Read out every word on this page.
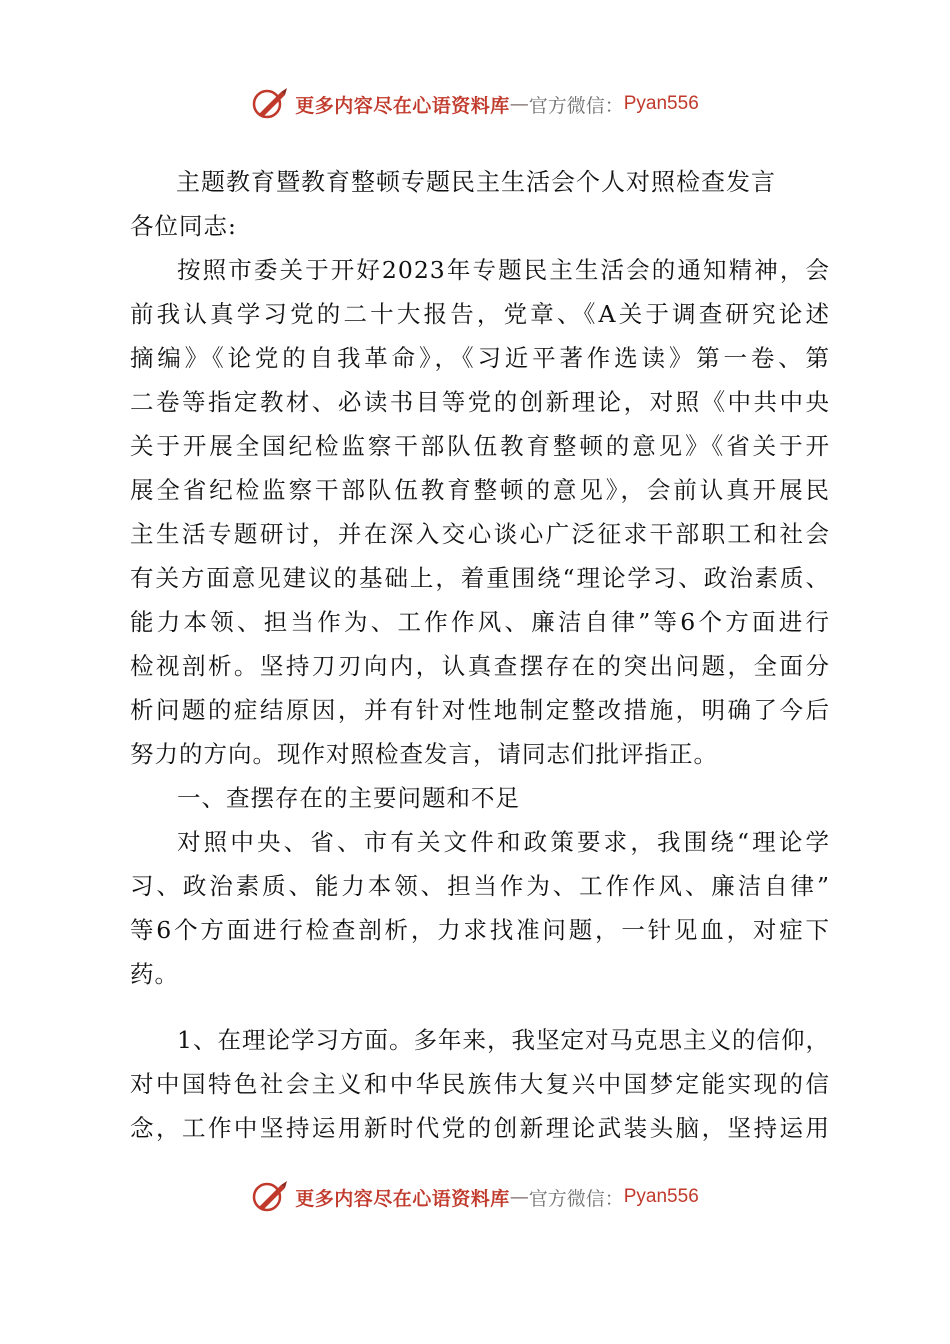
更多内容尽在心语资料库 — 官方微信： Pyan556
主题教育暨教育整顿专题民主生活会个人对照检查发言
各位同志:
按照市委关于开好2023年专题民主生活会的通知精神，会
前我认真学习党的二十大报告，党章、《A关于调查研究论述
摘编》《论党的自我革命》，《习近平著作选读》第一卷、第
二卷等指定教材、必读书目等党的创新理论，对照《中共中央
关于开展全国纪检监察干部队伍教育整顿的意见》《省关于开
展全省纪检监察干部队伍教育整顿的意见》，会前认真开展民
主生活专题研讨，并在深入交心谈心广泛征求干部职工和社会
有关方面意见建议的基础上，着重围绕“理论学习、政治素质、
能力本领、担当作为、工作作风、廉洁自律”等6个方面进行
检视剖析。坚持刀刃向内，认真查摆存在的突出问题，全面分
析问题的症结原因，并有针对性地制定整改措施，明确了今后
努力的方向。现作对照检查发言，请同志们批评指正。
一、查摆存在的主要问题和不足
对照中央、省、市有关文件和政策要求，我围绕“理论学
习、政治素质、能力本领、担当作为、工作作风、廉洁自律”
等6个方面进行检查剖析，力求找准问题，一针见血，对症下
药。
1、在理论学习方面。多年来，我坚定对马克思主义的信仰，
对中国特色社会主义和中华民族伟大复兴中国梦定能实现的信
念，工作中坚持运用新时代党的创新理论武装头脑，坚持运用
更多内容尽在心语资料库 — 官方微信： Pyan556
